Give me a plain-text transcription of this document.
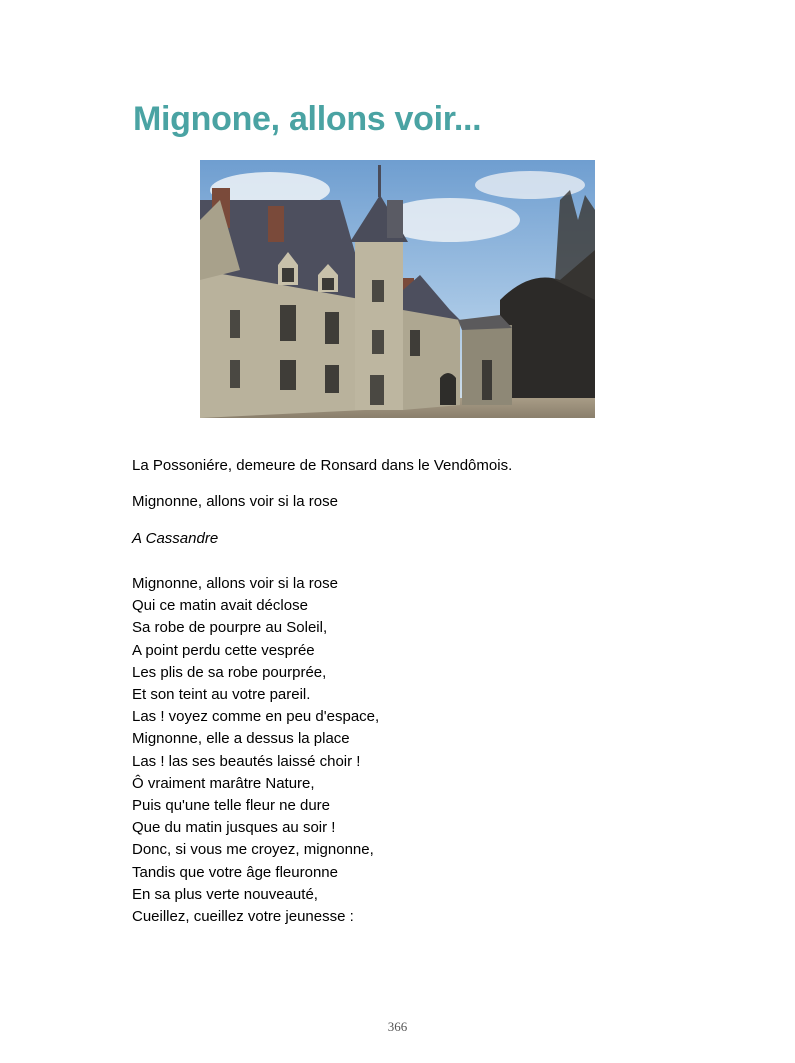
Mignone, allons voir...

La Possoniére, demeure de Ronsard dans le Vendômois.

Mignonne, allons voir si la rose

A Cassandre

Mignonne, allons voir si la rose
Qui ce matin avait déclose
Sa robe de pourpre au Soleil,
A point perdu cette vesprée
Les plis de sa robe pourprée,
Et son teint au votre pareil.
Las ! voyez comme en peu d'espace,
Mignonne, elle a dessus la place
Las ! las ses beautés laissé choir !
Ô vraiment marâtre Nature,
Puis qu'une telle fleur ne dure
Que du matin jusques au soir !
Donc, si vous me croyez, mignonne,
Tandis que votre âge fleuronne
En sa plus verte nouveauté,
Cueillez, cueillez votre jeunesse :
366
